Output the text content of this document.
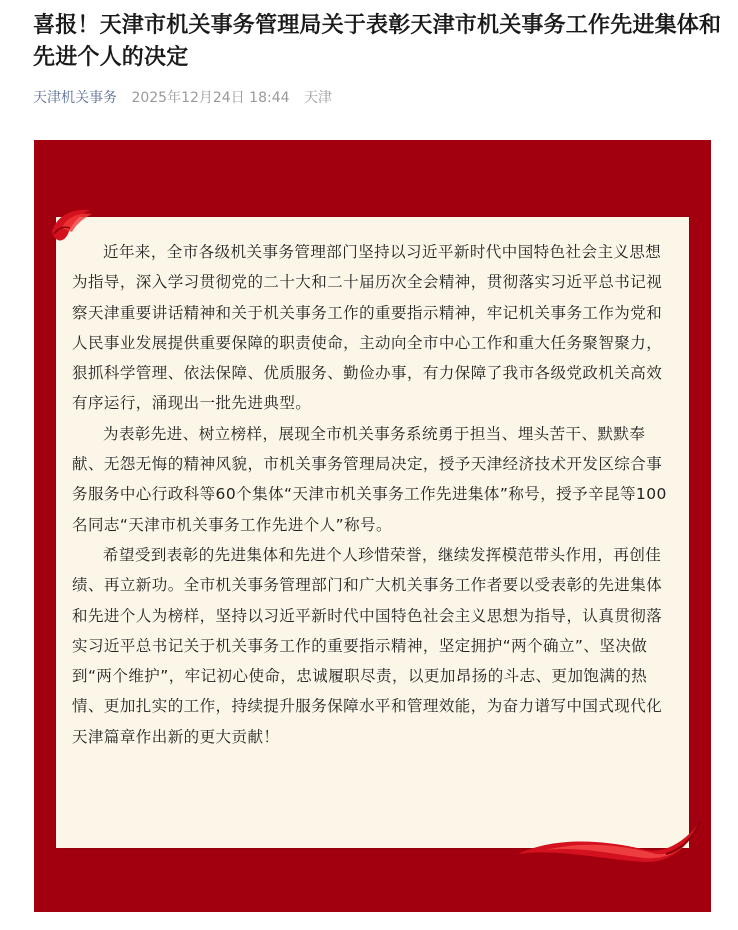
喜报！天津市机关事务管理局关于表彰天津市机关事务工作先进集体和先进个人的决定
天津机关事务 2025年12月24日 18:44 天津

近年来，全市各级机关事务管理部门坚持以习近平新时代中国特色社会主义思想为指导，深入学习贯彻党的二十大和二十届历次全会精神，贯彻落实习近平总书记视察天津重要讲话精神和关于机关事务工作的重要指示精神，牢记机关事务工作为党和人民事业发展提供重要保障的职责使命，主动向全市中心工作和重大任务聚智聚力，狠抓科学管理、依法保障、优质服务、勤俭办事，有力保障了我市各级党政机关高效有序运行，涌现出一批先进典型。

为表彰先进、树立榜样，展现全市机关事务系统勇于担当、埋头苦干、默默奉献、无怨无悔的精神风貌，市机关事务管理局决定，授予天津经济技术开发区综合事务服务中心行政科等60个集体“天津市机关事务工作先进集体”称号，授予辛昆等100名同志“天津市机关事务工作先进个人”称号。

希望受到表彰的先进集体和先进个人珍惜荣誉，继续发挥模范带头作用，再创佳绩、再立新功。全市机关事务管理部门和广大机关事务工作者要以受表彰的先进集体和先进个人为榜样，坚持以习近平新时代中国特色社会主义思想为指导，认真贯彻落实习近平总书记关于机关事务工作的重要指示精神，坚定拥护“两个确立”、坚决做到“两个维护”，牢记初心使命，忠诚履职尽责，以更加昂扬的斗志、更加饱满的热情、更加扎实的工作，持续提升服务保障水平和管理效能，为奋力谱写中国式现代化天津篇章作出新的更大贡献！
